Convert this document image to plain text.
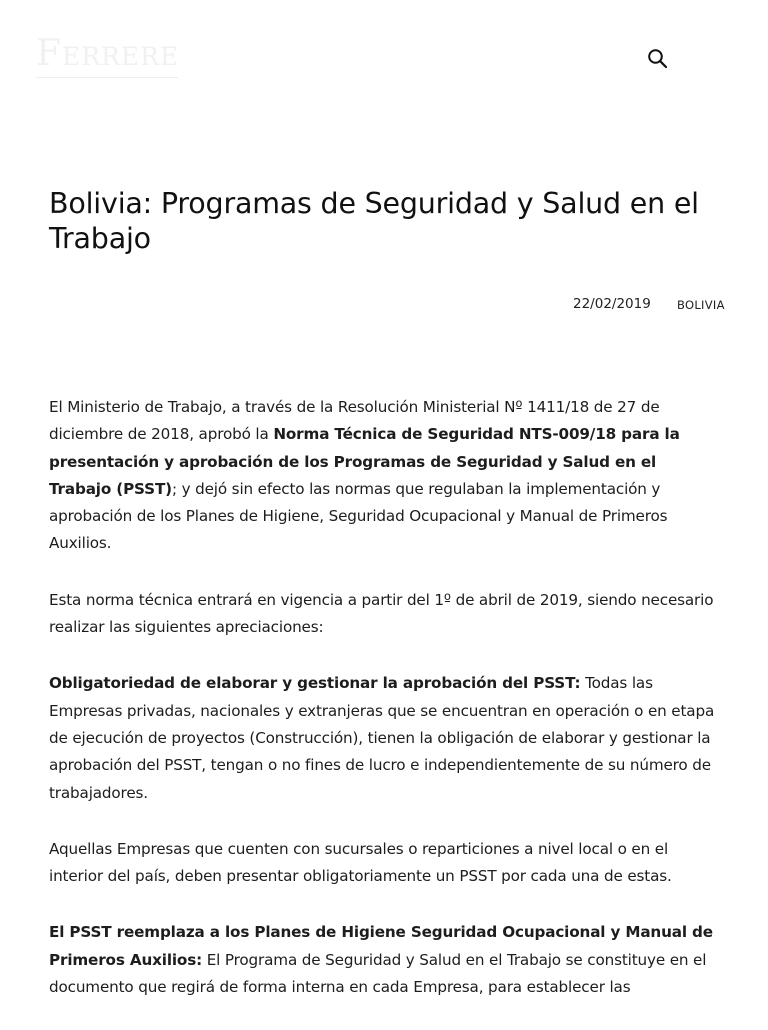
Ferrere
Bolivia: Programas de Seguridad y Salud en el Trabajo
22/02/2019 BOLIVIA

El Ministerio de Trabajo, a través de la Resolución Ministerial Nº 1411/18 de 27 de diciembre de 2018, aprobó la Norma Técnica de Seguridad NTS-009/18 para la presentación y aprobación de los Programas de Seguridad y Salud en el Trabajo (PSST); y dejó sin efecto las normas que regulaban la implementación y aprobación de los Planes de Higiene, Seguridad Ocupacional y Manual de Primeros Auxilios.

Esta norma técnica entrará en vigencia a partir del 1º de abril de 2019, siendo necesario realizar las siguientes apreciaciones:

Obligatoriedad de elaborar y gestionar la aprobación del PSST: Todas las Empresas privadas, nacionales y extranjeras que se encuentran en operación o en etapa de ejecución de proyectos (Construcción), tienen la obligación de elaborar y gestionar la aprobación del PSST, tengan o no fines de lucro e independientemente de su número de trabajadores.

Aquellas Empresas que cuenten con sucursales o reparticiones a nivel local o en el interior del país, deben presentar obligatoriamente un PSST por cada una de estas.

El PSST reemplaza a los Planes de Higiene Seguridad Ocupacional y Manual de Primeros Auxilios: El Programa de Seguridad y Salud en el Trabajo se constituye en el documento que regirá de forma interna en cada Empresa, para establecer las
